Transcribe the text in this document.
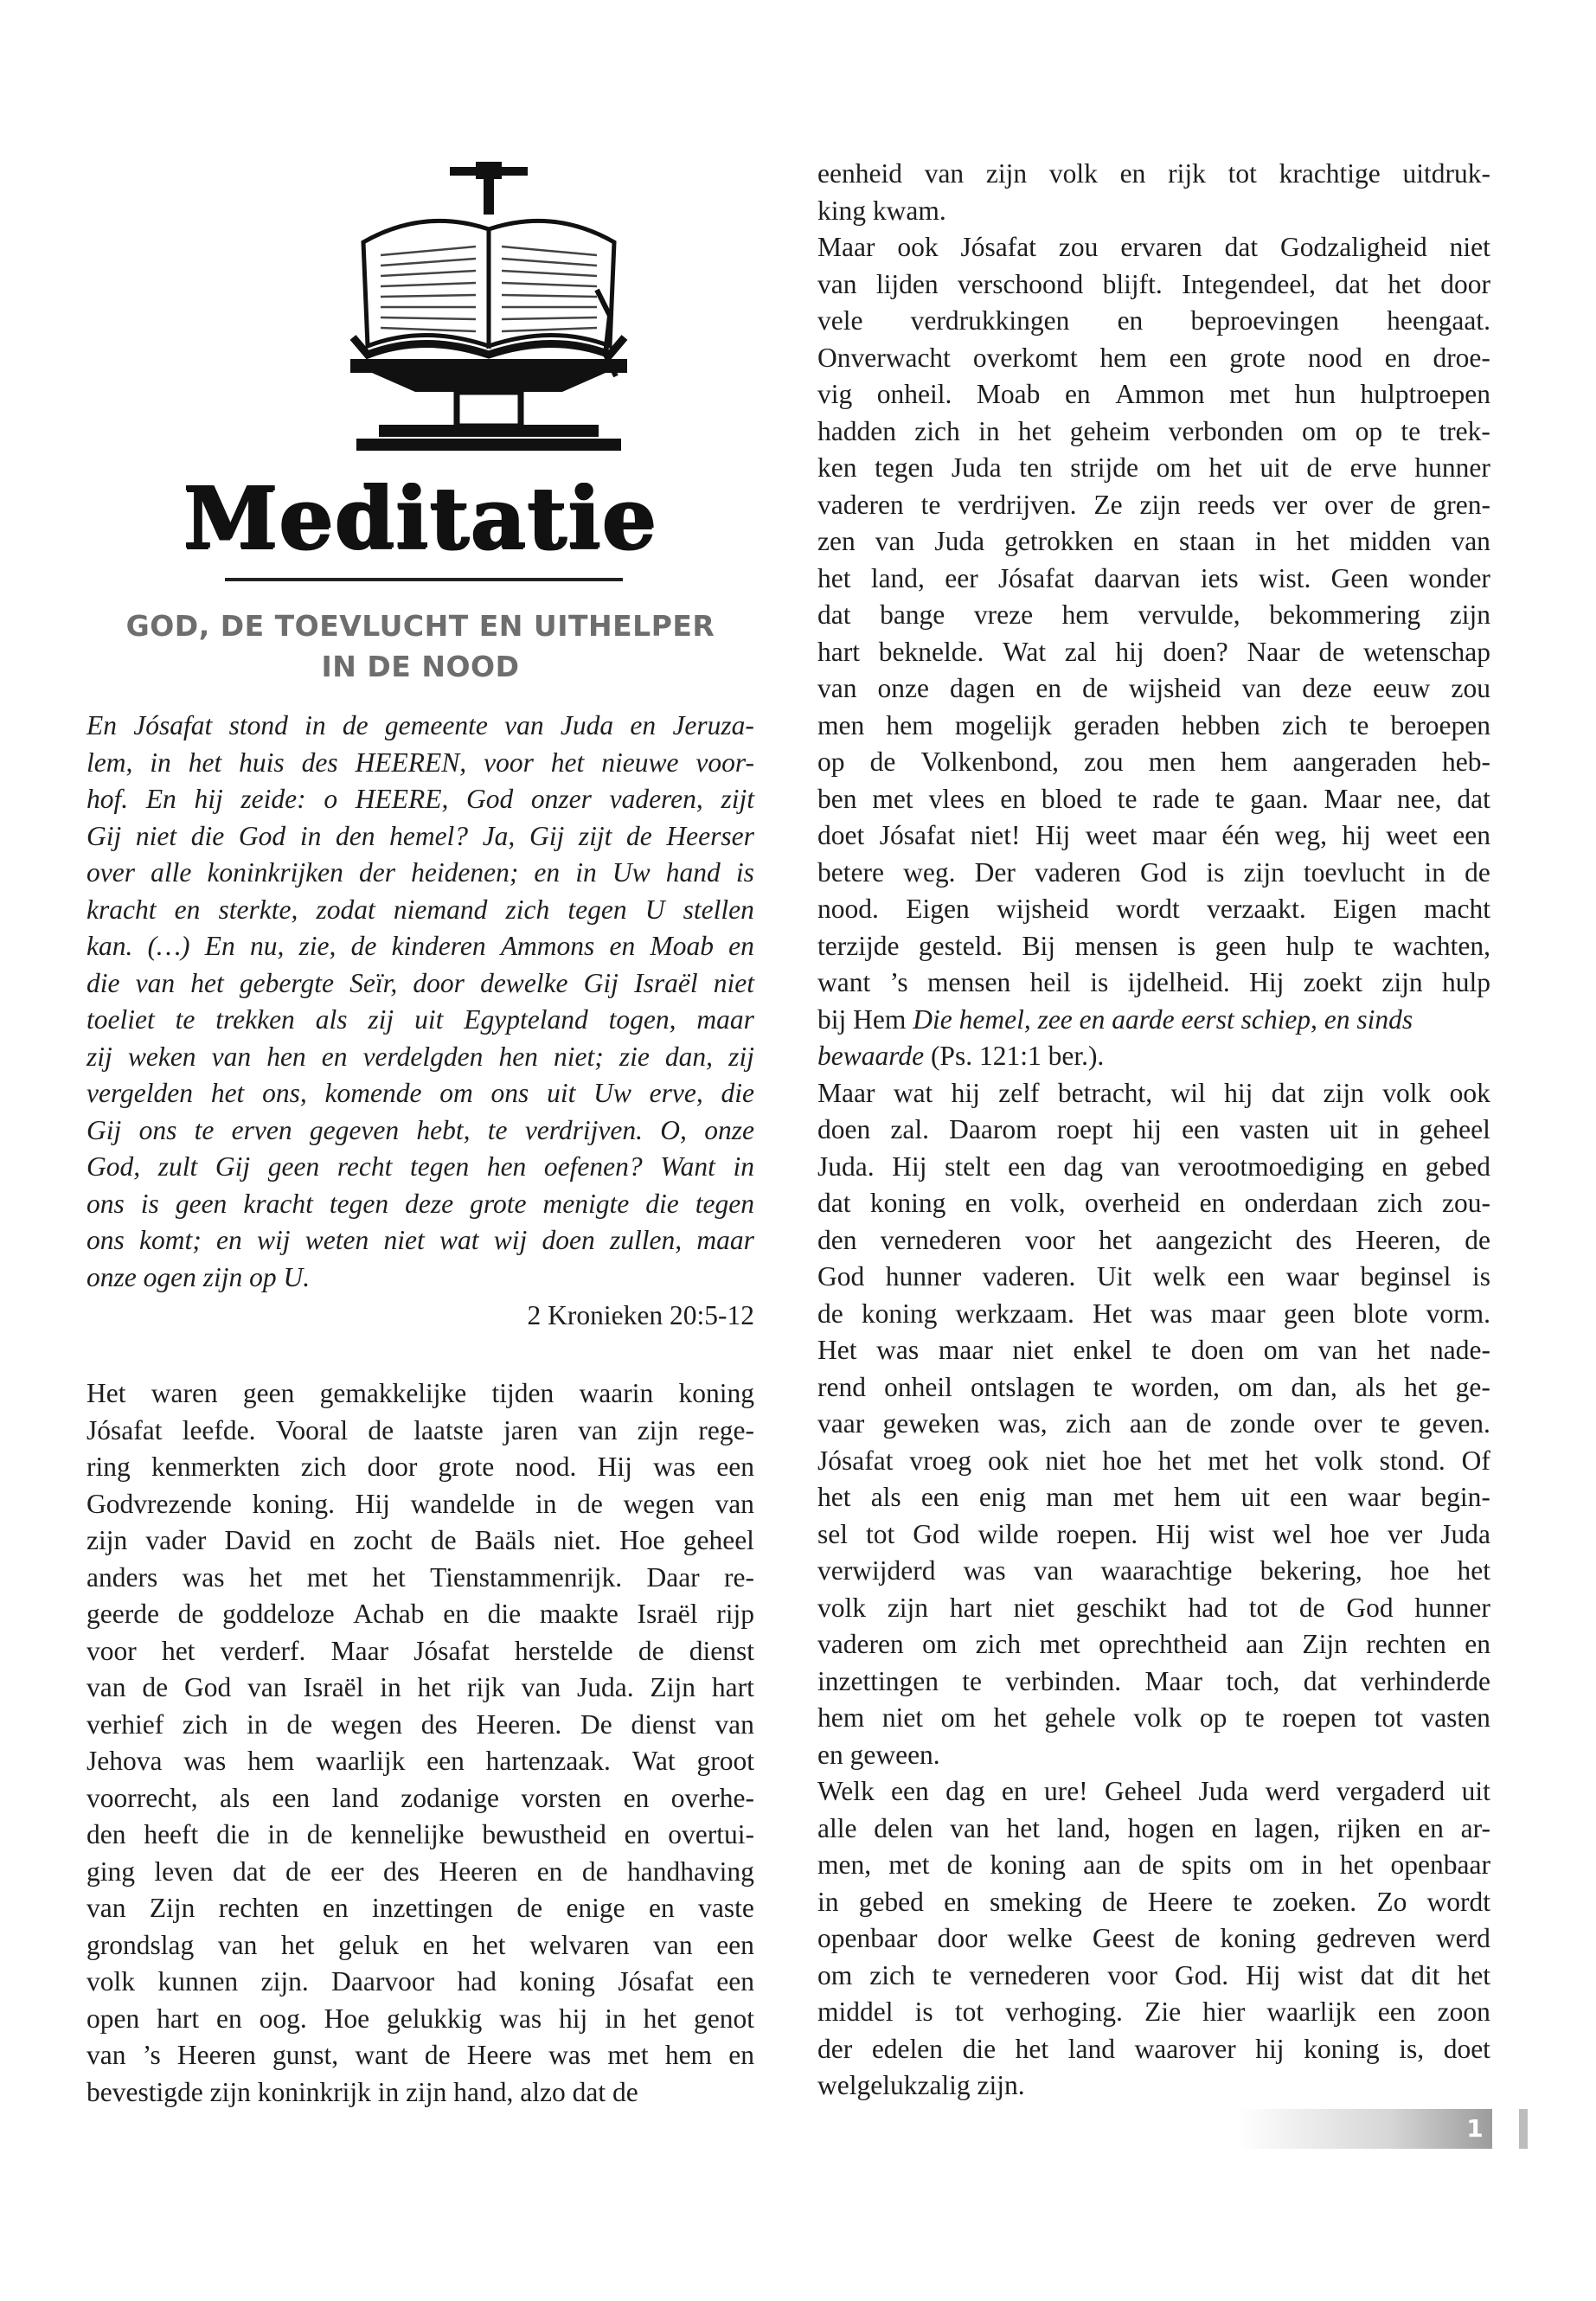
Meditatie
GOD, DE TOEVLUCHT EN UITHELPER
IN DE NOOD
En Jósafat stond in de gemeente van Juda en Jeruza-
lem, in het huis des HEEREN, voor het nieuwe voor-
hof. En hij zeide: o HEERE, God onzer vaderen, zijt
Gij niet die God in den hemel? Ja, Gij zijt de Heerser
over alle koninkrijken der heidenen; en in Uw hand is
kracht en sterkte, zodat niemand zich tegen U stellen
kan. (…) En nu, zie, de kinderen Ammons en Moab en
die van het gebergte Seïr, door dewelke Gij Israël niet
toeliet te trekken als zij uit Egypteland togen, maar
zij weken van hen en verdelgden hen niet; zie dan, zij
vergelden het ons, komende om ons uit Uw erve, die
Gij ons te erven gegeven hebt, te verdrijven. O, onze
God, zult Gij geen recht tegen hen oefenen? Want in
ons is geen kracht tegen deze grote menigte die tegen
ons komt; en wij weten niet wat wij doen zullen, maar
onze ogen zijn op U.
2 Kronieken 20:5-12
Het waren geen gemakkelijke tijden waarin koning
Jósafat leefde. Vooral de laatste jaren van zijn rege-
ring kenmerkten zich door grote nood. Hij was een
Godvrezende koning. Hij wandelde in de wegen van
zijn vader David en zocht de Baäls niet. Hoe geheel
anders was het met het Tienstammenrijk. Daar re-
geerde de goddeloze Achab en die maakte Israël rijp
voor het verderf. Maar Jósafat herstelde de dienst
van de God van Israël in het rijk van Juda. Zijn hart
verhief zich in de wegen des Heeren. De dienst van
Jehova was hem waarlijk een hartenzaak. Wat groot
voorrecht, als een land zodanige vorsten en overhe-
den heeft die in de kennelijke bewustheid en overtui-
ging leven dat de eer des Heeren en de handhaving
van Zijn rechten en inzettingen de enige en vaste
grondslag van het geluk en het welvaren van een
volk kunnen zijn. Daarvoor had koning Jósafat een
open hart en oog. Hoe gelukkig was hij in het genot
van ’s Heeren gunst, want de Heere was met hem en
bevestigde zijn koninkrijk in zijn hand, alzo dat de
eenheid van zijn volk en rijk tot krachtige uitdruk-
king kwam.
Maar ook Jósafat zou ervaren dat Godzaligheid niet
van lijden verschoond blijft. Integendeel, dat het door
vele verdrukkingen en beproevingen heengaat.
Onverwacht overkomt hem een grote nood en droe-
vig onheil. Moab en Ammon met hun hulptroepen
hadden zich in het geheim verbonden om op te trek-
ken tegen Juda ten strijde om het uit de erve hunner
vaderen te verdrijven. Ze zijn reeds ver over de gren-
zen van Juda getrokken en staan in het midden van
het land, eer Jósafat daarvan iets wist. Geen wonder
dat bange vreze hem vervulde, bekommering zijn
hart beknelde. Wat zal hij doen? Naar de wetenschap
van onze dagen en de wijsheid van deze eeuw zou
men hem mogelijk geraden hebben zich te beroepen
op de Volkenbond, zou men hem aangeraden heb-
ben met vlees en bloed te rade te gaan. Maar nee, dat
doet Jósafat niet! Hij weet maar één weg, hij weet een
betere weg. Der vaderen God is zijn toevlucht in de
nood. Eigen wijsheid wordt verzaakt. Eigen macht
terzijde gesteld. Bij mensen is geen hulp te wachten,
want ’s mensen heil is ijdelheid. Hij zoekt zijn hulp
bij Hem Die hemel, zee en aarde eerst schiep, en sinds
bewaarde (Ps. 121:1 ber.).
Maar wat hij zelf betracht, wil hij dat zijn volk ook
doen zal. Daarom roept hij een vasten uit in geheel
Juda. Hij stelt een dag van verootmoediging en gebed
dat koning en volk, overheid en onderdaan zich zou-
den vernederen voor het aangezicht des Heeren, de
God hunner vaderen. Uit welk een waar beginsel is
de koning werkzaam. Het was maar geen blote vorm.
Het was maar niet enkel te doen om van het nade-
rend onheil ontslagen te worden, om dan, als het ge-
vaar geweken was, zich aan de zonde over te geven.
Jósafat vroeg ook niet hoe het met het volk stond. Of
het als een enig man met hem uit een waar begin-
sel tot God wilde roepen. Hij wist wel hoe ver Juda
verwijderd was van waarachtige bekering, hoe het
volk zijn hart niet geschikt had tot de God hunner
vaderen om zich met oprechtheid aan Zijn rechten en
inzettingen te verbinden. Maar toch, dat verhinderde
hem niet om het gehele volk op te roepen tot vasten
en geween.
Welk een dag en ure! Geheel Juda werd vergaderd uit
alle delen van het land, hogen en lagen, rijken en ar-
men, met de koning aan de spits om in het openbaar
in gebed en smeking de Heere te zoeken. Zo wordt
openbaar door welke Geest de koning gedreven werd
om zich te vernederen voor God. Hij wist dat dit het
middel is tot verhoging. Zie hier waarlijk een zoon
der edelen die het land waarover hij koning is, doet
welgelukzalig zijn.
1
